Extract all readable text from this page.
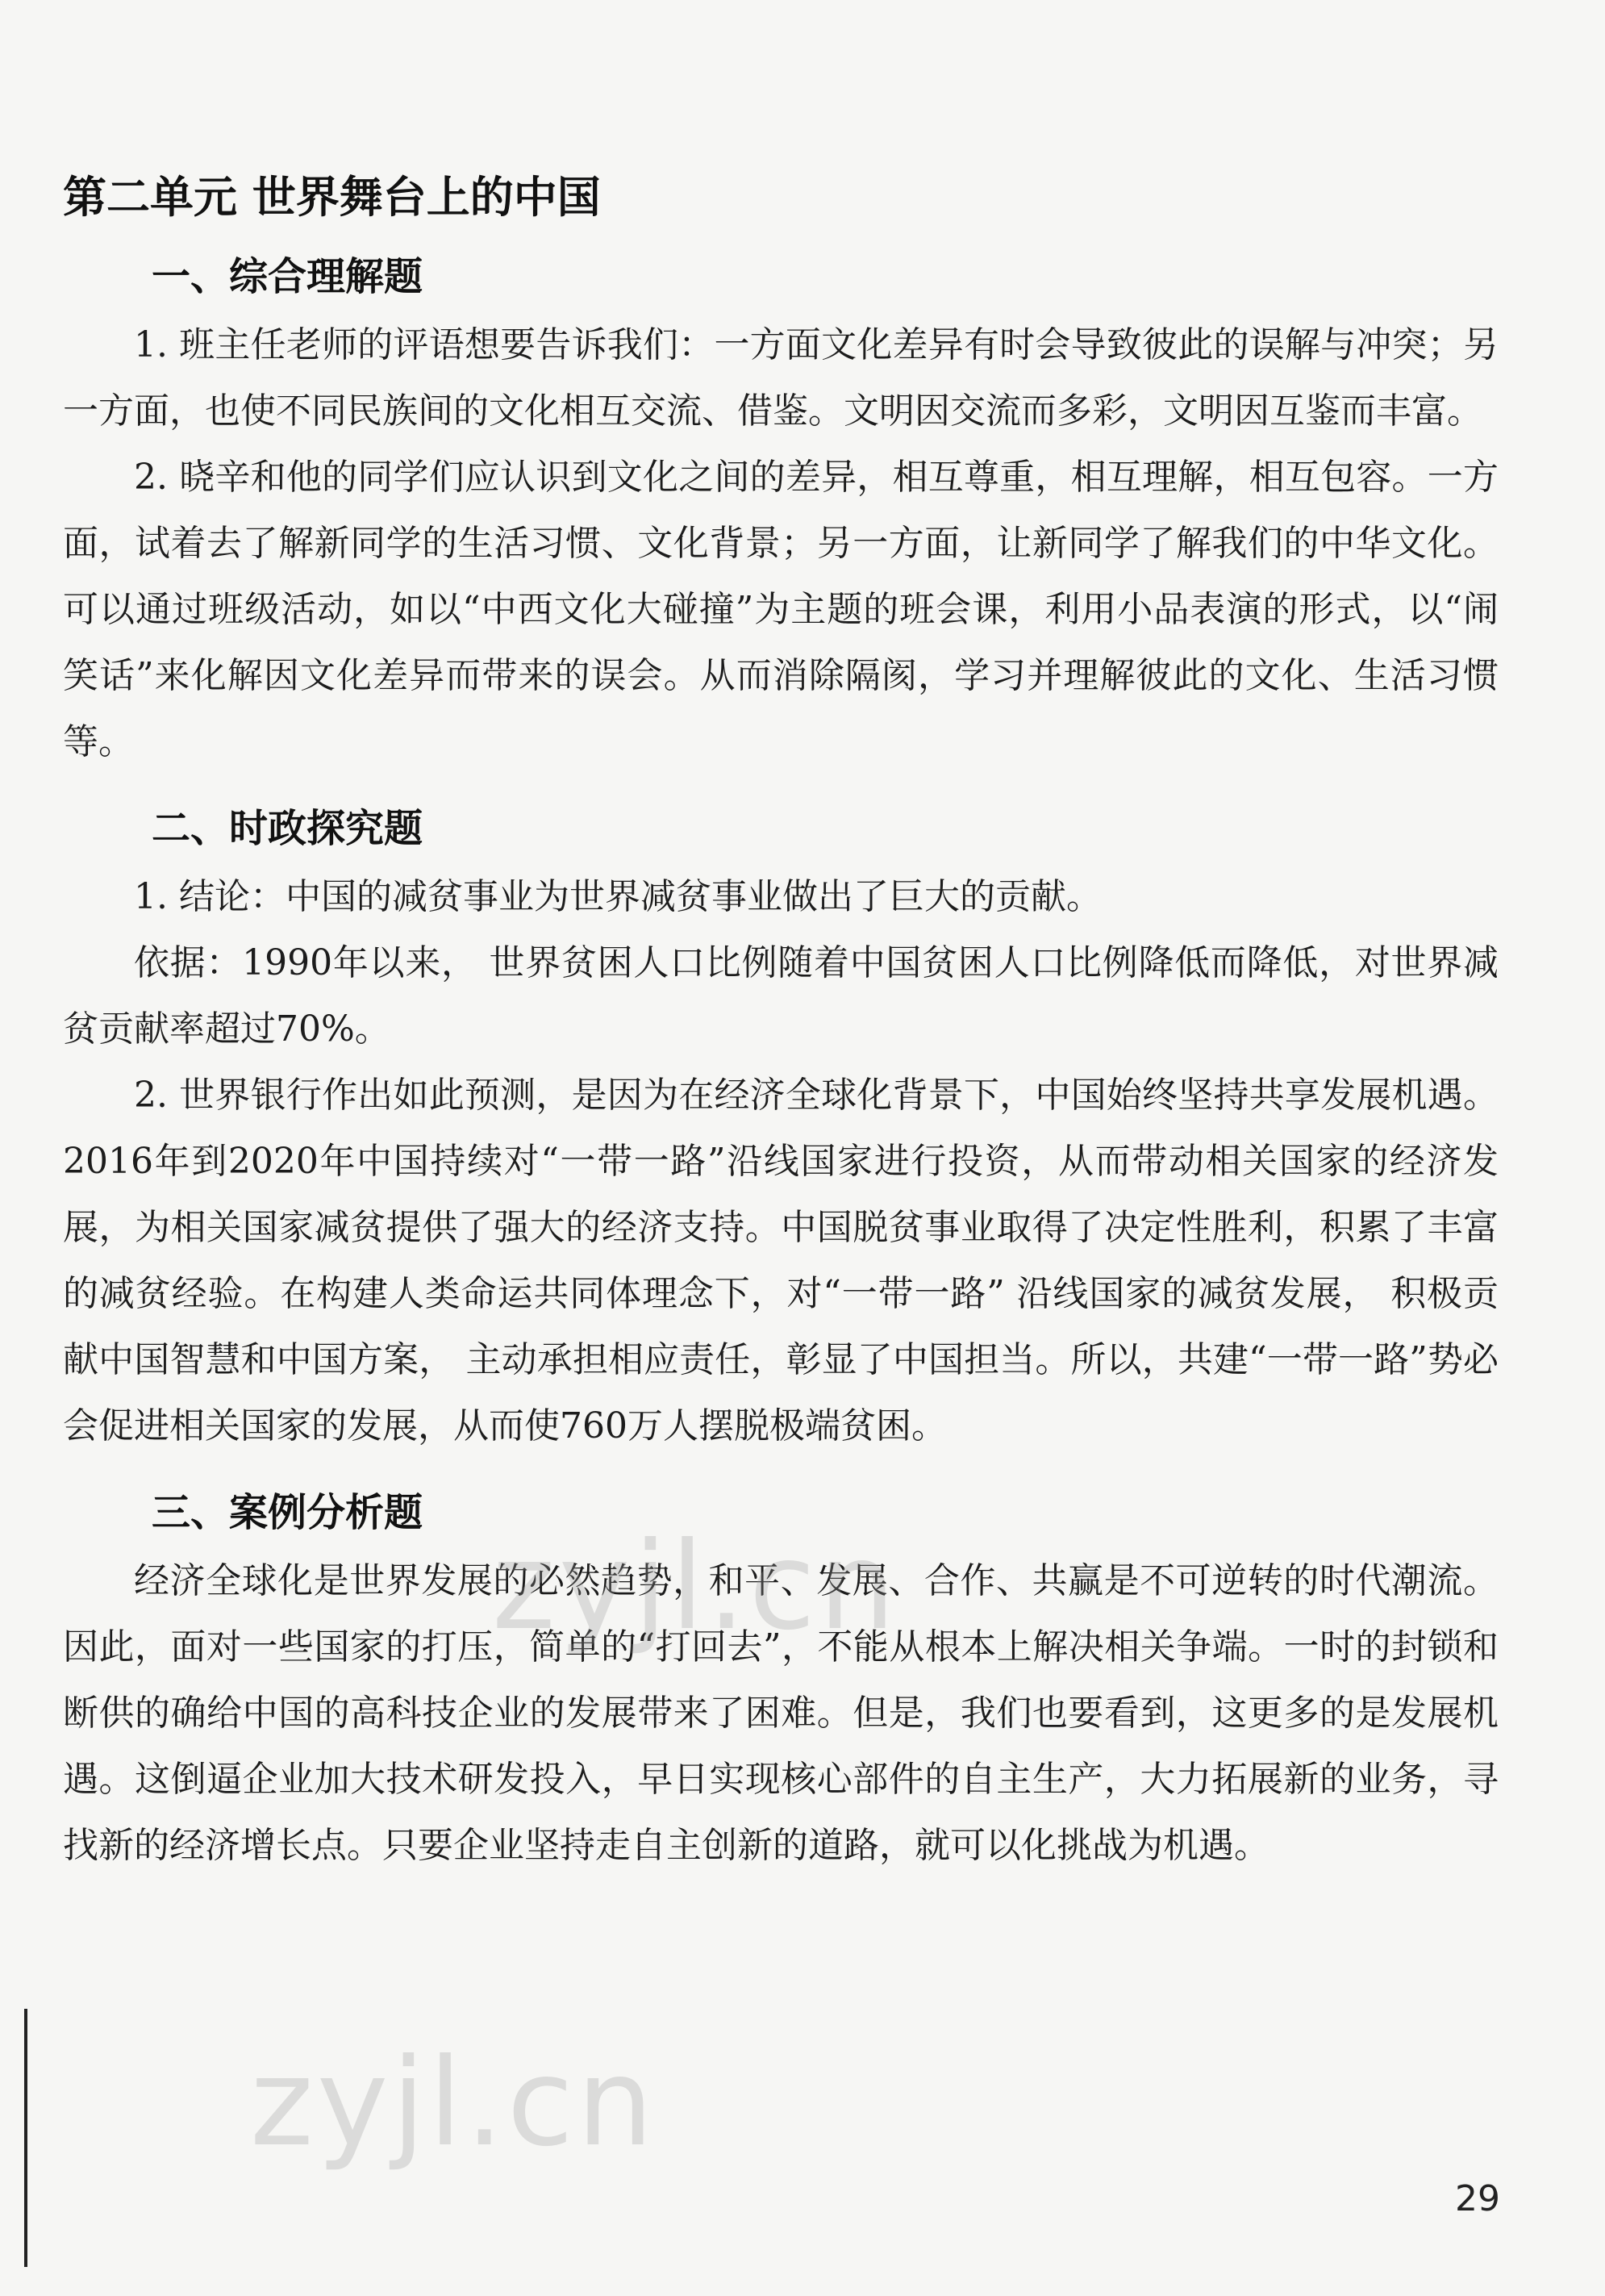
第二单元 世界舞台上的中国
一、综合理解题

1. 班主任老师的评语想要告诉我们：一方面文化差异有时会导致彼此的误解与冲突；另一方面，也使不同民族间的文化相互交流、借鉴。文明因交流而多彩，文明因互鉴而丰富。

2. 晓辛和他的同学们应认识到文化之间的差异，相互尊重，相互理解，相互包容。一方面，试着去了解新同学的生活习惯、文化背景；另一方面，让新同学了解我们的中华文化。可以通过班级活动，如以“中西文化大碰撞”为主题的班会课，利用小品表演的形式，以“闹笑话”来化解因文化差异而带来的误会。从而消除隔阂，学习并理解彼此的文化、生活习惯等。

二、时政探究题

1. 结论：中国的减贫事业为世界减贫事业做出了巨大的贡献。

依据：1990年以来， 世界贫困人口比例随着中国贫困人口比例降低而降低，对世界减贫贡献率超过70%。

2. 世界银行作出如此预测，是因为在经济全球化背景下，中国始终坚持共享发展机遇。2016年到2020年中国持续对“一带一路”沿线国家进行投资，从而带动相关国家的经济发展，为相关国家减贫提供了强大的经济支持。中国脱贫事业取得了决定性胜利，积累了丰富的减贫经验。在构建人类命运共同体理念下，对“一带一路” 沿线国家的减贫发展， 积极贡献中国智慧和中国方案， 主动承担相应责任，彰显了中国担当。所以，共建“一带一路”势必会促进相关国家的发展，从而使760万人摆脱极端贫困。

三、案例分析题

经济全球化是世界发展的必然趋势，和平、发展、合作、共赢是不可逆转的时代潮流。因此，面对一些国家的打压，简单的“打回去”，不能从根本上解决相关争端。一时的封锁和断供的确给中国的高科技企业的发展带来了困难。但是，我们也要看到，这更多的是发展机遇。这倒逼企业加大技术研发投入，早日实现核心部件的自主生产，大力拓展新的业务，寻找新的经济增长点。只要企业坚持走自主创新的道路，就可以化挑战为机遇。

zyjl.cn
zyjl.cn
29
